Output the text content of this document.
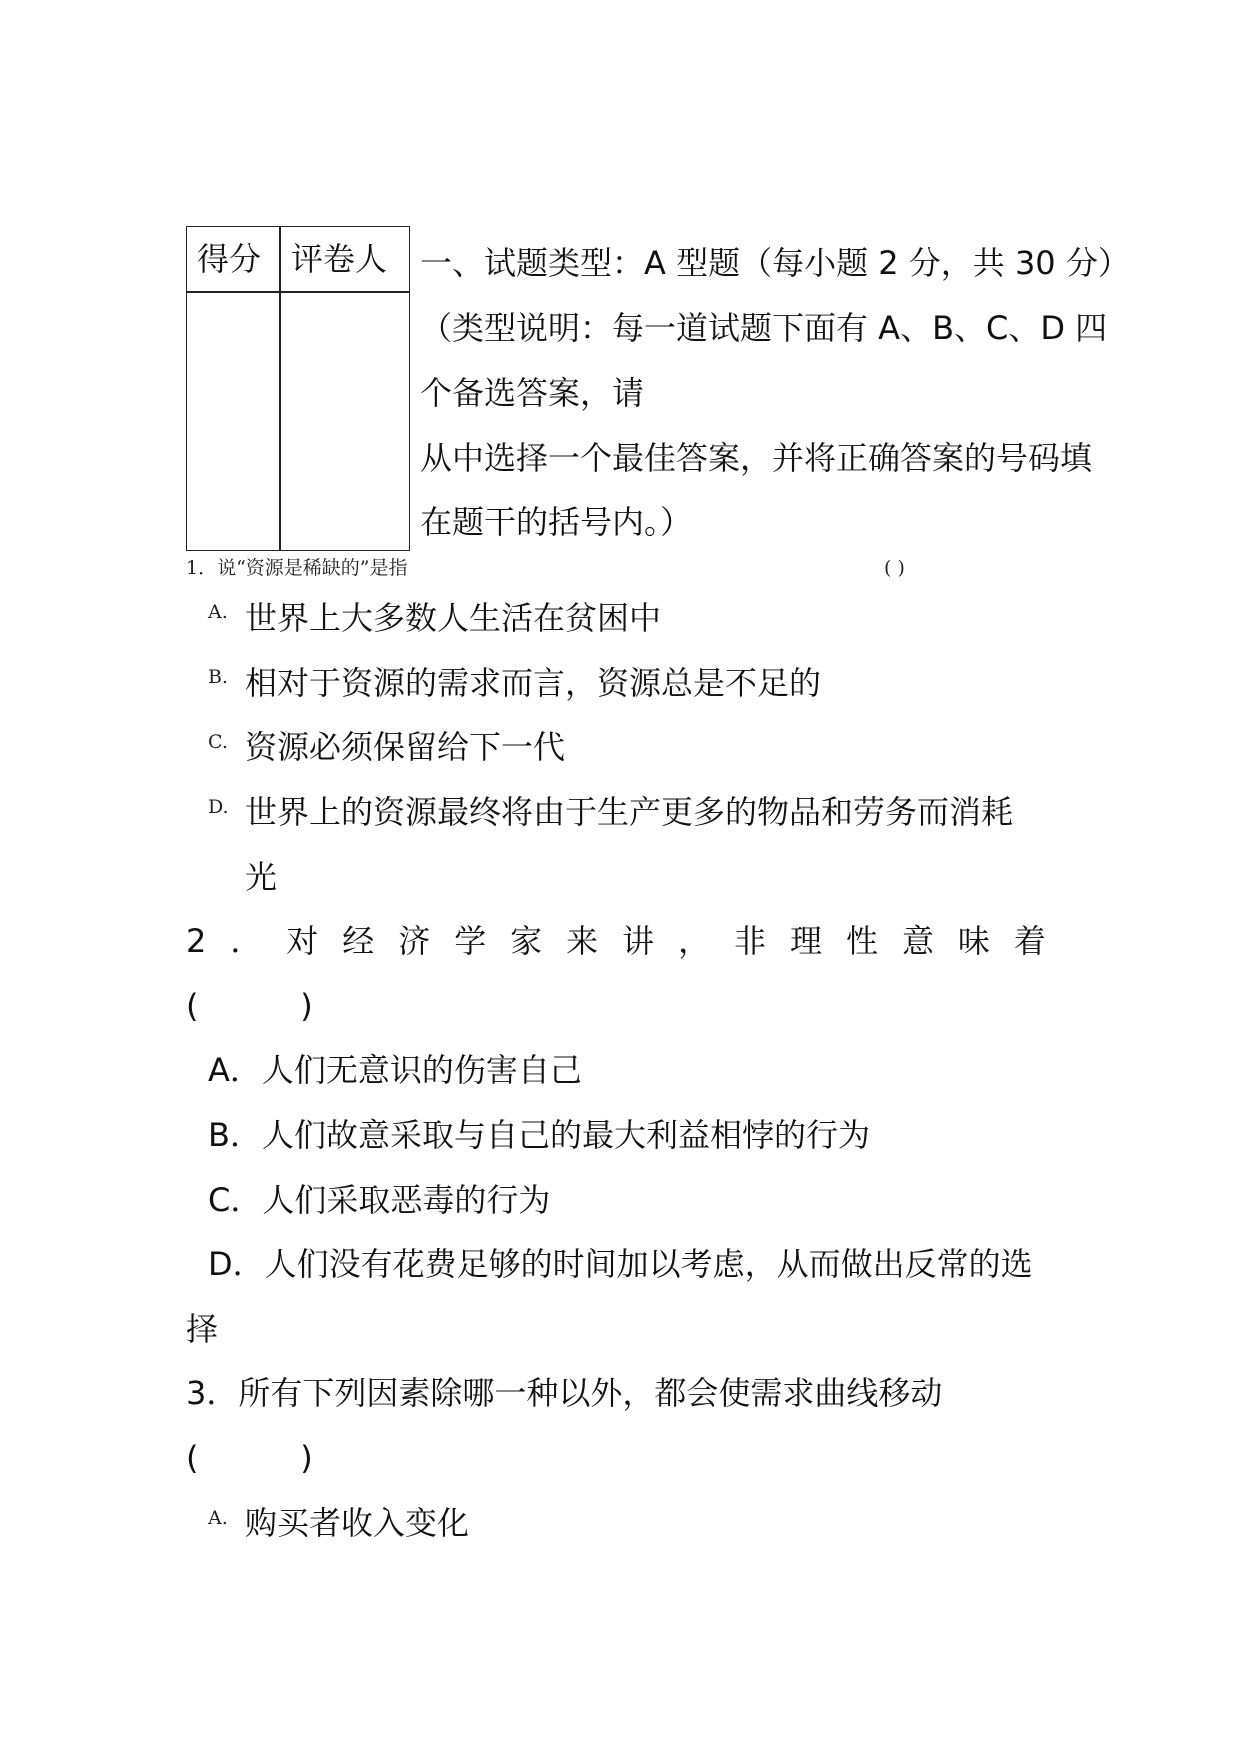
得分 评卷人 一、试题类型：A 型题（每小题 2 分，共 30 分）
（类型说明：每一道试题下面有 A、B、C、D 四
个备选答案，请
从中选择一个最佳答案，并将正确答案的号码填
在题干的括号内。）
1．说“资源是稀缺的”是指	( )
A. 世界上大多数人生活在贫困中
B. 相对于资源的需求而言，资源总是不足的
C. 资源必须保留给下一代
D. 世界上的资源最终将由于生产更多的物品和劳务而消耗
光
2 ． 对 经 济 学 家 来 讲 ， 非 理 性 意 味 着
(          )
A．人们无意识的伤害自己
B．人们故意采取与自己的最大利益相悖的行为
C．人们采取恶毒的行为
D．人们没有花费足够的时间加以考虑，从而做出反常的选
择
3．所有下列因素除哪一种以外，都会使需求曲线移动
(          )
A. 购买者收入变化
